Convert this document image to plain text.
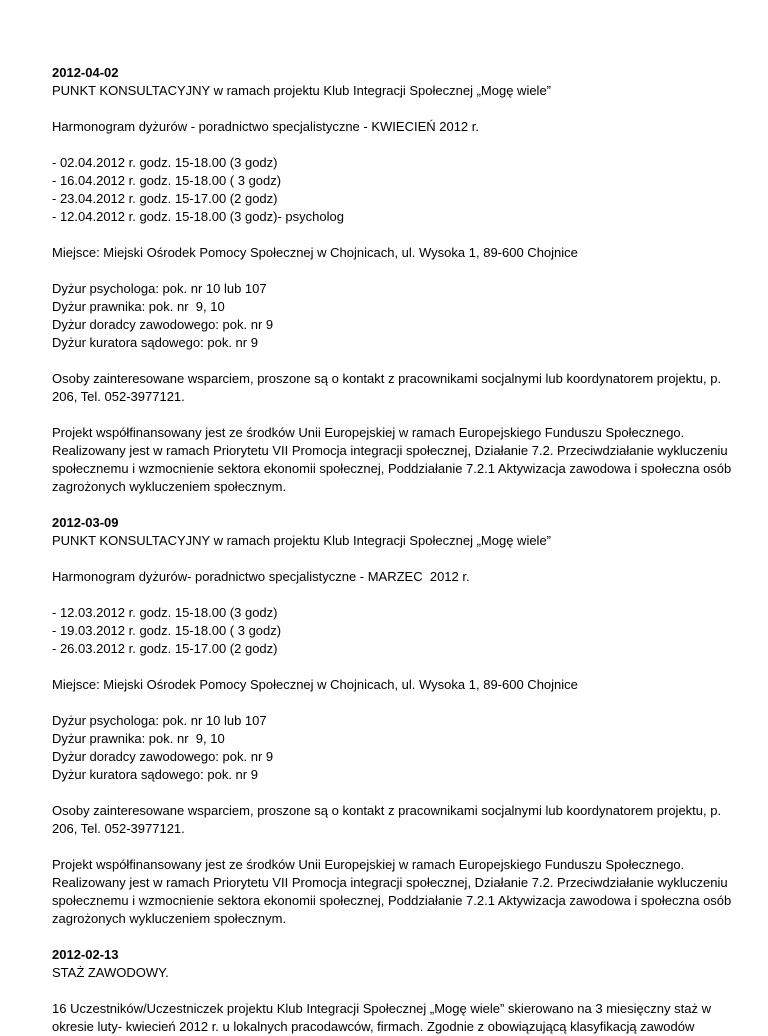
2012-04-02
PUNKT KONSULTACYJNY w ramach projektu Klub Integracji Społecznej „Mogę wiele”
Harmonogram dyżurów - poradnictwo specjalistyczne - KWIECIEŃ 2012 r.
- 02.04.2012 r. godz. 15-18.00 (3 godz)
- 16.04.2012 r. godz. 15-18.00 ( 3 godz)
- 23.04.2012 r. godz. 15-17.00 (2 godz)
- 12.04.2012 r. godz. 15-18.00 (3 godz)- psycholog
Miejsce: Miejski Ośrodek Pomocy Społecznej w Chojnicach, ul. Wysoka 1, 89-600 Chojnice
Dyżur psychologa: pok. nr 10 lub 107
Dyżur prawnika: pok. nr  9, 10
Dyżur doradcy zawodowego: pok. nr 9
Dyżur kuratora sądowego: pok. nr 9
Osoby zainteresowane wsparciem, proszone są o kontakt z pracownikami socjalnymi lub koordynatorem projektu, p. 206, Tel. 052-3977121.
Projekt współfinansowany jest ze środków Unii Europejskiej w ramach Europejskiego Funduszu Społecznego. Realizowany jest w ramach Priorytetu VII Promocja integracji społecznej, Działanie 7.2. Przeciwdziałanie wykluczeniu społecznemu i wzmocnienie sektora ekonomii społecznej, Poddziałanie 7.2.1 Aktywizacja zawodowa i społeczna osób zagrożonych wykluczeniem społecznym.
2012-03-09
PUNKT KONSULTACYJNY w ramach projektu Klub Integracji Społecznej „Mogę wiele”
Harmonogram dyżurów- poradnictwo specjalistyczne - MARZEC  2012 r.
- 12.03.2012 r. godz. 15-18.00 (3 godz)
- 19.03.2012 r. godz. 15-18.00 ( 3 godz)
- 26.03.2012 r. godz. 15-17.00 (2 godz)
Miejsce: Miejski Ośrodek Pomocy Społecznej w Chojnicach, ul. Wysoka 1, 89-600 Chojnice
Dyżur psychologa: pok. nr 10 lub 107
Dyżur prawnika: pok. nr  9, 10
Dyżur doradcy zawodowego: pok. nr 9
Dyżur kuratora sądowego: pok. nr 9
Osoby zainteresowane wsparciem, proszone są o kontakt z pracownikami socjalnymi lub koordynatorem projektu, p. 206, Tel. 052-3977121.
Projekt współfinansowany jest ze środków Unii Europejskiej w ramach Europejskiego Funduszu Społecznego. Realizowany jest w ramach Priorytetu VII Promocja integracji społecznej, Działanie 7.2. Przeciwdziałanie wykluczeniu społecznemu i wzmocnienie sektora ekonomii społecznej, Poddziałanie 7.2.1 Aktywizacja zawodowa i społeczna osób zagrożonych wykluczeniem społecznym.
2012-02-13
STAŻ ZAWODOWY.
16 Uczestników/Uczestniczek projektu Klub Integracji Społecznej „Mogę wiele” skierowano na 3 miesięczny staż w okresie luty- kwiecień 2012 r. u lokalnych pracodawców, firmach. Zgodnie z obowiązującą klasyfikacją zawodów
